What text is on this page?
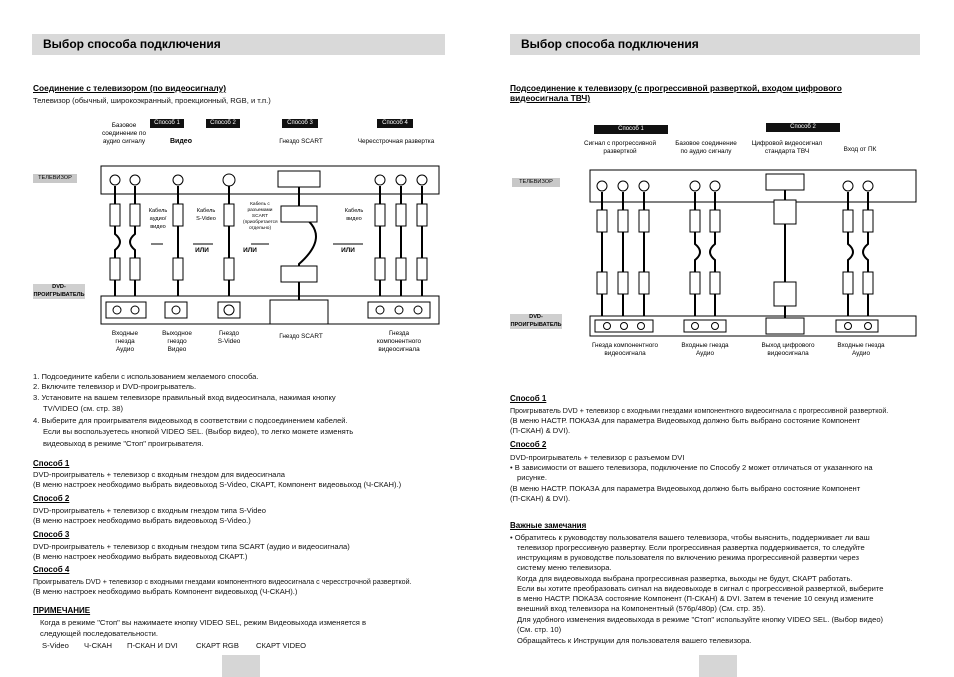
Выбор способа подключения
Соединение с телевизором (по видеосигналу)
Телевизор (обычный, широкоэкранный, проекционный, RGB, и т.п.)
Способ 1	Способ 2	Способ 3	Способ 4
Базовое
соединение по
аудио сигналу	Видео	Гнездо SCART	Чересстрочная развертка
ТЕЛЕВИЗОР
DVD-
ПРОИГРЫВАТЕЛЬ
Кабель
аудио/
видео
Кабель
S-Video
Кабель с
разъемами
SCART
(приобретается
отдельно)
Кабель
видео
ИЛИ	ИЛИ	ИЛИ
Входные
гнезда
Аудио
Выходное
гнездо
Видео
Гнездо
S-Video
Гнездо SCART	Гнезда
компонентного
видеосигнала
1. Подсоедините кабели с использованием желаемого способа.
2. Включите телевизор и DVD-проигрыватель.
3. Установите на вашем телевизоре правильный вход видеосигнала, нажимая кнопку
TV/VIDEO (см. стр. 38)
4. Выберите для проигрывателя видеовыход в соответствии с подсоединением кабелей.
Если вы воспользуетесь кнопкой VIDEO SEL. (Выбор видео), то легко можете изменять
видеовыход в режиме "Стоп" проигрывателя.
Способ 1
DVD-проигрыватель + телевизор с входным гнездом для видеосигнала
(В меню настроек необходимо выбрать видеовыход S-Video, СКАРТ, Компонент видеовыход (Ч-СКАН).)
Способ 2
DVD-проигрыватель + телевизор с входным гнездом типа S-Video
(В меню настроек необходимо выбрать видеовыход S-Video.)
Способ 3
DVD-проигрыватель + телевизор с входным гнездом типа SCART (аудио и видеосигнала)
(В меню настроек необходимо выбрать видеовыход СКАРТ.)
Способ 4
Проигрыватель DVD + телевизор с входными гнездами компонентного видеосигнала с чересстрочной разверткой.
(В меню настроек необходимо выбрать Компонент видеовыход (Ч-СКАН).)
ПРИМЕЧАНИЕ
Когда в режиме "Стоп" вы нажимаете кнопку VIDEO SEL, режим Видеовыхода изменяется в
следующей последовательности.
S-Video Ч-СКАН П-СКАН И DVI СКАРТ RGB СКАРТ VIDEO
Выбор способа подключения
Подсоединение к телевизору (с прогрессивной разверткой, входом цифрового
видеосигнала ТВЧ)
Способ 1	Способ 2
Сигнал с прогрессивной
разверткой
Базовое соединение
по аудио сигналу
Цифровой видеосигнал
стандарта ТВЧ	Вход от ПК
ТЕЛЕВИЗОР
DVD-
ПРОИГРЫВАТЕЛЬ
Гнезда компонентного
видеосигнала
Входные гнезда
Аудио
Выход цифрового
видеосигнала
Входные гнезда
Аудио
Способ 1
Проигрыватель DVD + телевизор с входными гнездами компонентного видеосигнала с прогрессивной разверткой.
(В меню НАСТР. ПОКАЗА для параметра Видеовыход должно быть выбрано состояние Компонент
(П-СКАН) & DVI).
Способ 2
DVD-проигрыватель + телевизор с разъемом DVI
• В зависимости от вашего телевизора, подключение по Способу 2 может отличаться от указанного на
рисунке.
(В меню НАСТР. ПОКАЗА для параметра Видеовыход должно быть выбрано состояние Компонент
(П-СКАН) & DVI).
Важные замечания
• Обратитесь к руководству пользователя вашего телевизора, чтобы выяснить, поддерживает ли ваш
телевизор прогрессивную развертку. Если прогрессивная развертка поддерживается, то следуйте
инструкциям в руководстве пользователя по включению режима прогрессивной развертки через
систему меню телевизора.
Когда для видеовыхода выбрана прогрессивная развертка, выходы не будут, СКАРТ работать.
Если вы хотите преобразовать сигнал на видеовыходе в сигнал с прогрессивной разверткой, выберите
в меню НАСТР. ПОКАЗА состояние Компонент (П-СКАН) & DVI. Затем в течение 10 секунд измените
внешний вход телевизора на Компонентный (576p/480p) (См. стр. 35).
Для удобного изменения видеовыхода в режиме "Стоп" используйте кнопку VIDEO SEL. (Выбор видео)
(См. стр. 10)
Обращайтесь к Инструкции для пользователя вашего телевизора.
